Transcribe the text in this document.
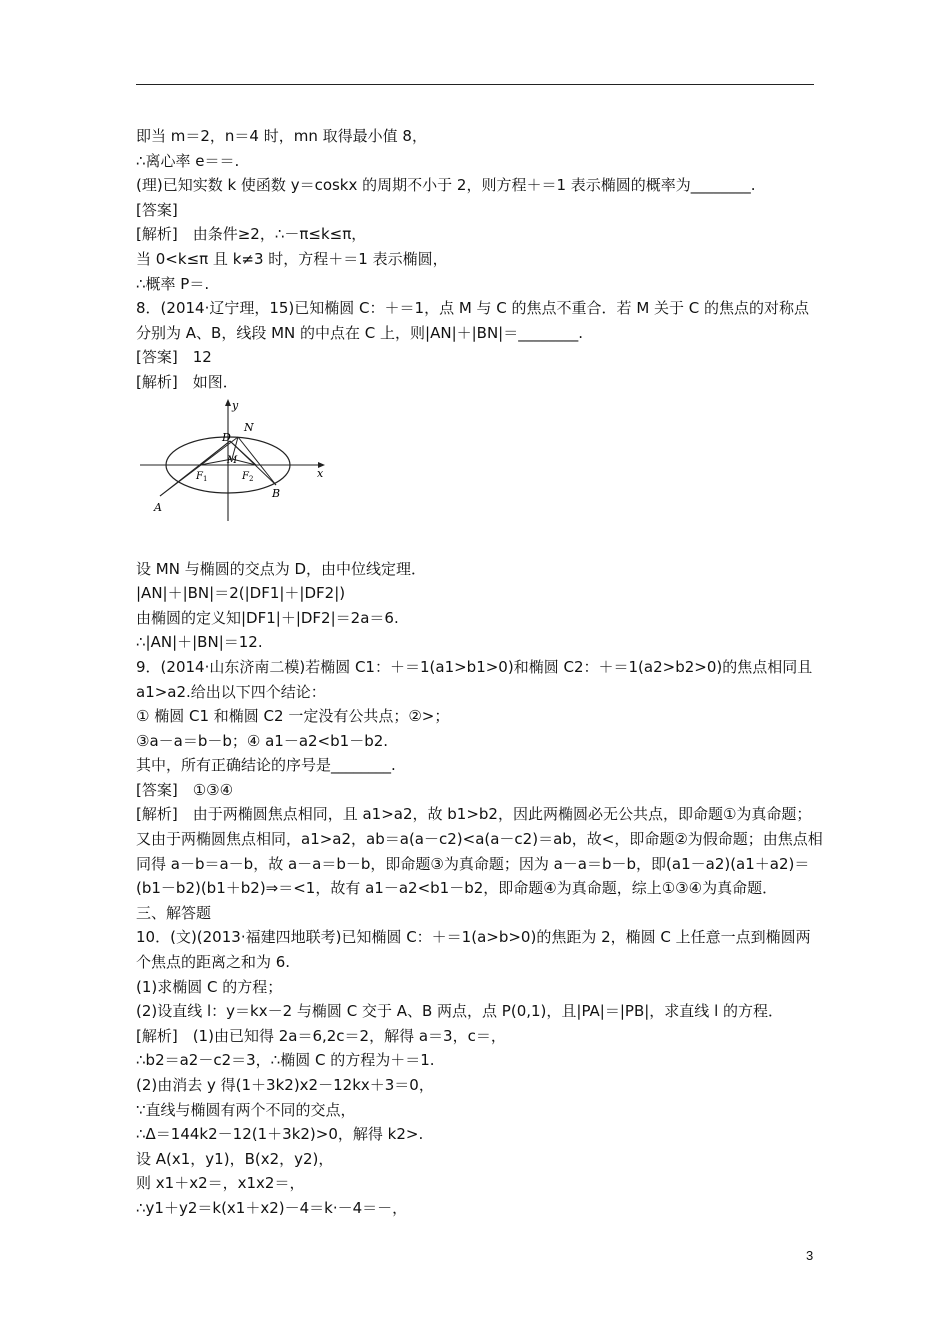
即当 m＝2，n＝4 时，mn 取得最小值 8，
∴离心率 e＝＝.
(理)已知实数 k 使函数 y＝coskx 的周期不小于 2，则方程＋＝1 表示椭圆的概率为________.
[答案]
[解析]　由条件≥2，∴－π≤k≤π，
当 0<k≤π 且 k≠3 时，方程＋＝1 表示椭圆，
∴概率 P＝.
8．(2014·辽宁理，15)已知椭圆 C：＋＝1，点 M 与 C 的焦点不重合．若 M 关于 C 的焦点的对称点
分别为 A、B，线段 MN 的中点在 C 上，则|AN|＋|BN|＝________.
[答案]　12
[解析]　如图．
y
x
N
D
M
$F_1$	$F_2$
A
B
设 MN 与椭圆的交点为 D，由中位线定理．
|AN|＋|BN|＝2(|DF1|＋|DF2|)
由椭圆的定义知|DF1|＋|DF2|＝2a＝6.
∴|AN|＋|BN|＝12.
9．(2014·山东济南二模)若椭圆 C1：＋＝1(a1>b1>0)和椭圆 C2：＋＝1(a2>b2>0)的焦点相同且
a1>a2.给出以下四个结论：
① 椭圆 C1 和椭圆 C2 一定没有公共点；②>；
③a－a＝b－b；④ a1－a2<b1－b2.
其中，所有正确结论的序号是________.
[答案]　①③④
[解析]　由于两椭圆焦点相同，且 a1>a2，故 b1>b2，因此两椭圆必无公共点，即命题①为真命题；
又由于两椭圆焦点相同，a1>a2，ab＝a(a－c2)<a(a－c2)＝ab，故<，即命题②为假命题；由焦点相
同得 a－b＝a－b，故 a－a＝b－b，即命题③为真命题；因为 a－a＝b－b，即(a1－a2)(a1＋a2)＝
(b1－b2)(b1＋b2)⇒＝<1，故有 a1－a2<b1－b2，即命题④为真命题，综上①③④为真命题．
三、解答题
10．(文)(2013·福建四地联考)已知椭圆 C：＋＝1(a>b>0)的焦距为 2，椭圆 C 上任意一点到椭圆两
个焦点的距离之和为 6.
(1)求椭圆 C 的方程；
(2)设直线 l：y＝kx－2 与椭圆 C 交于 A、B 两点，点 P(0,1)，且|PA|＝|PB|，求直线 l 的方程．
[解析]　(1)由已知得 2a＝6,2c＝2，解得 a＝3，c＝，
∴b2＝a2－c2＝3，∴椭圆 C 的方程为＋＝1.
(2)由消去 y 得(1＋3k2)x2－12kx＋3＝0，
∵直线与椭圆有两个不同的交点，
∴Δ＝144k2－12(1＋3k2)>0，解得 k2>.
设 A(x1，y1)，B(x2，y2)，
则 x1＋x2＝，x1x2＝，
∴y1＋y2＝k(x1＋x2)－4＝k·－4＝－，
3
